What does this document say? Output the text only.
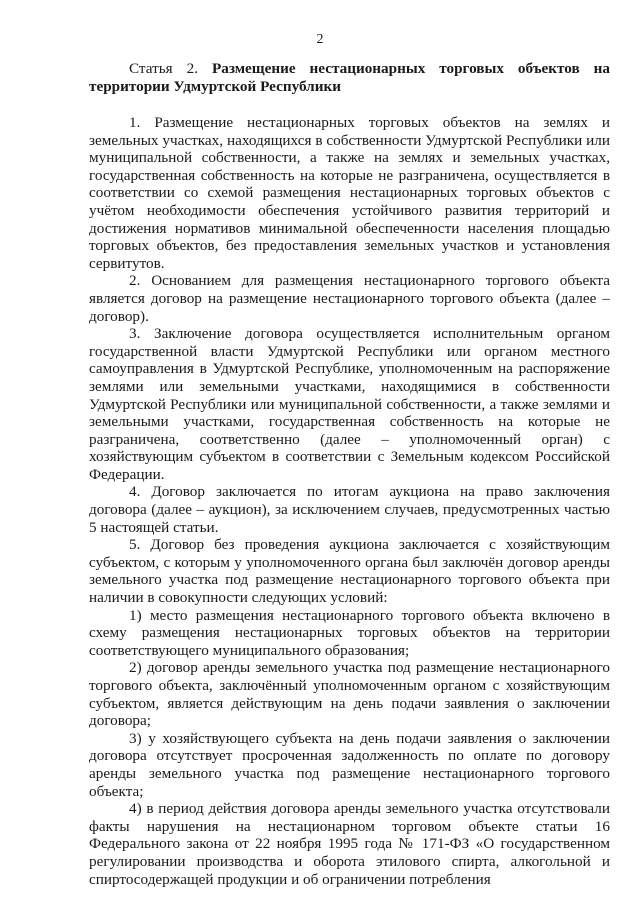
2

Статья 2. Размещение нестационарных торговых объектов на территории Удмуртской Республики

1. Размещение нестационарных торговых объектов на землях и земельных участках, находящихся в собственности Удмуртской Республики или муниципальной собственности, а также на землях и земельных участках, государственная собственность на которые не разграничена, осуществляется в соответствии со схемой размещения нестационарных торговых объектов с учётом необходимости обеспечения устойчивого развития территорий и достижения нормативов минимальной обеспеченности населения площадью торговых объектов, без предоставления земельных участков и установления сервитутов.

2. Основанием для размещения нестационарного торгового объекта является договор на размещение нестационарного торгового объекта (далее – договор).

3. Заключение договора осуществляется исполнительным органом государственной власти Удмуртской Республики или органом местного самоуправления в Удмуртской Республике, уполномоченным на распоряжение землями или земельными участками, находящимися в собственности Удмуртской Республики или муниципальной собственности, а также землями и земельными участками, государственная собственность на которые не разграничена, соответственно (далее – уполномоченный орган) с хозяйствующим субъектом в соответствии с Земельным кодексом Российской Федерации.

4. Договор заключается по итогам аукциона на право заключения договора (далее – аукцион), за исключением случаев, предусмотренных частью 5 настоящей статьи.

5. Договор без проведения аукциона заключается с хозяйствующим субъектом, с которым у уполномоченного органа был заключён договор аренды земельного участка под размещение нестационарного торгового объекта при наличии в совокупности следующих условий:

1) место размещения нестационарного торгового объекта включено в схему размещения нестационарных торговых объектов на территории соответствующего муниципального образования;

2) договор аренды земельного участка под размещение нестационарного торгового объекта, заключённый уполномоченным органом с хозяйствующим субъектом, является действующим на день подачи заявления о заключении договора;

3) у хозяйствующего субъекта на день подачи заявления о заключении договора отсутствует просроченная задолженность по оплате по договору аренды земельного участка под размещение нестационарного торгового объекта;

4) в период действия договора аренды земельного участка отсутствовали факты нарушения на нестационарном торговом объекте статьи 16 Федерального закона от 22 ноября 1995 года № 171-ФЗ «О государственном регулировании производства и оборота этилового спирта, алкогольной и спиртосодержащей продукции и об ограничении потребления
